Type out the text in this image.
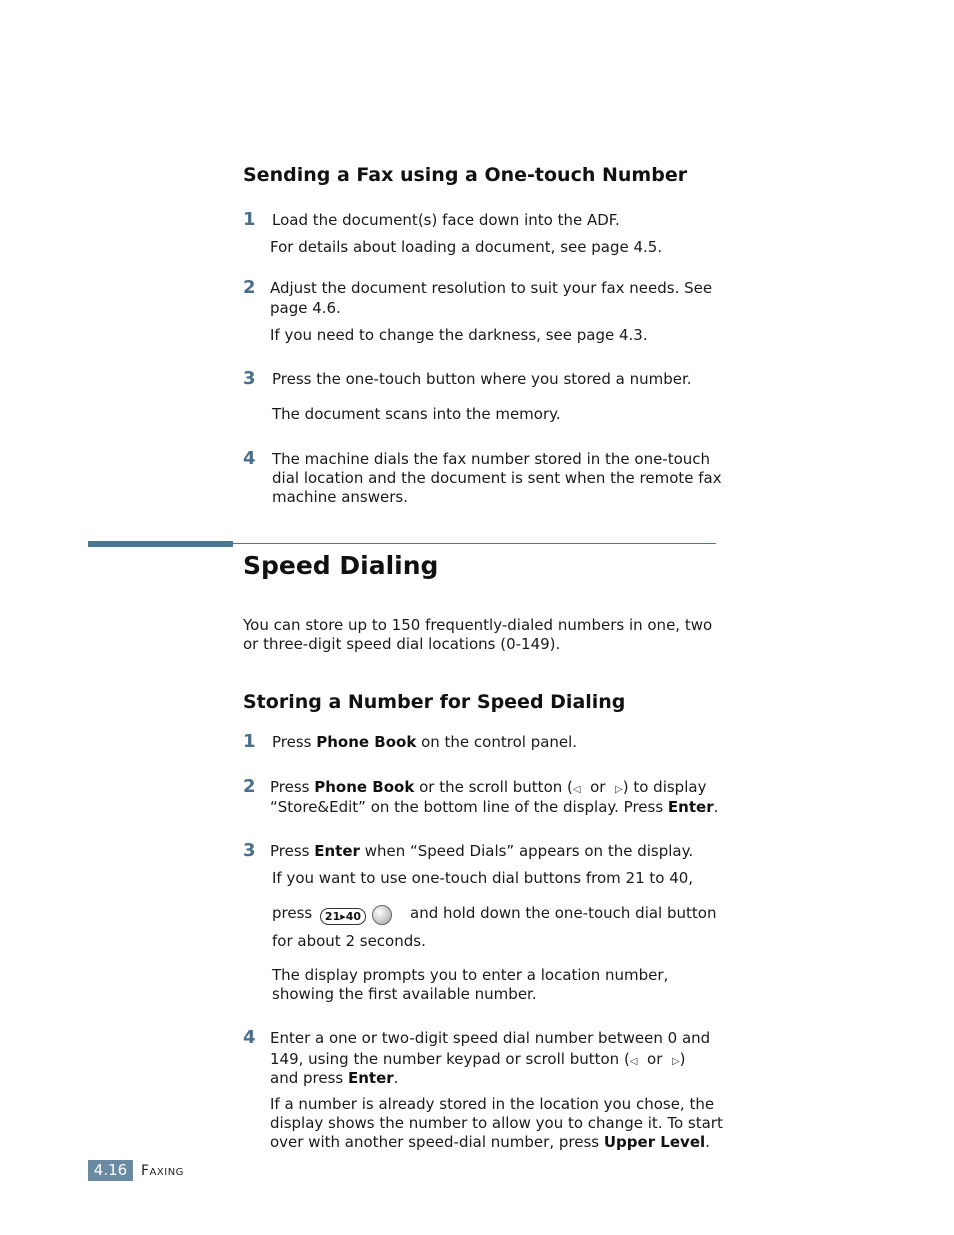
Sending a Fax using a One-touch Number
1 Load the document(s) face down into the ADF.
For details about loading a document, see page 4.5.
2 Adjust the document resolution to suit your fax needs. See
page 4.6.
If you need to change the darkness, see page 4.3.
3 Press the one-touch button where you stored a number.
The document scans into the memory.
4 The machine dials the fax number stored in the one-touch
dial location and the document is sent when the remote fax
machine answers.
Speed Dialing
You can store up to 150 frequently-dialed numbers in one, two
or three-digit speed dial locations (0-149).
Storing a Number for Speed Dialing
1 Press Phone Book on the control panel.
2 Press Phone Book or the scroll button (◁ or ▷) to display
“Store&Edit” on the bottom line of the display. Press Enter.
3 Press Enter when “Speed Dials” appears on the display.
If you want to use one-touch dial buttons from 21 to 40,
press	21▸40	and hold down the one-touch dial button
for about 2 seconds.
The display prompts you to enter a location number,
showing the first available number.
4 Enter a one or two-digit speed dial number between 0 and
149, using the number keypad or scroll button (◁ or ▷)
and press Enter.
If a number is already stored in the location you chose, the
display shows the number to allow you to change it. To start
over with another speed-dial number, press Upper Level.
4.16 Faxing
